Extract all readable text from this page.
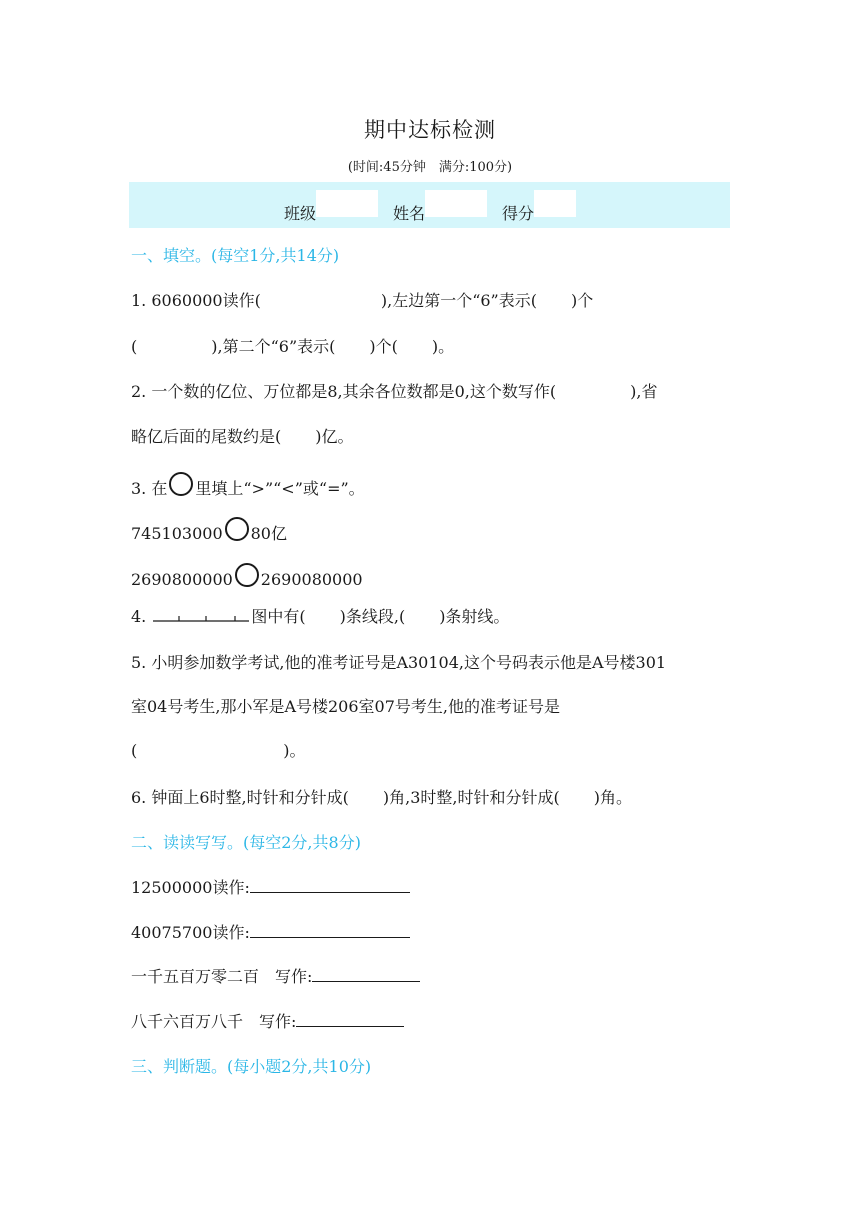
期中达标检测
(时间:45分钟　满分:100分)
班级	姓名	得分
一、填空。(每空1分,共14分)
1. 6060000读作(	),左边第一个“6”表示( )个
(	),第二个“6”表示( )个( )。
2. 一个数的亿位、万位都是8,其余各位数都是0,这个数写作(	),省
略亿后面的尾数约是( )亿。
3. 在 里填上“>”“<”或“=”。
745103000 80亿
2690800000 2690080000
4.	图中有( )条线段,( )条射线。
5. 小明参加数学考试,他的准考证号是A30104,这个号码表示他是A号楼301
室04号考生,那小军是A号楼206室07号考生,他的准考证号是
(	)。
6. 钟面上6时整,时针和分针成( )角,3时整,时针和分针成( )角。
二、读读写写。(每空2分,共8分)
12500000读作:
40075700读作:
一千五百万零二百　写作:
八千六百万八千　写作:
三、判断题。(每小题2分,共10分)
